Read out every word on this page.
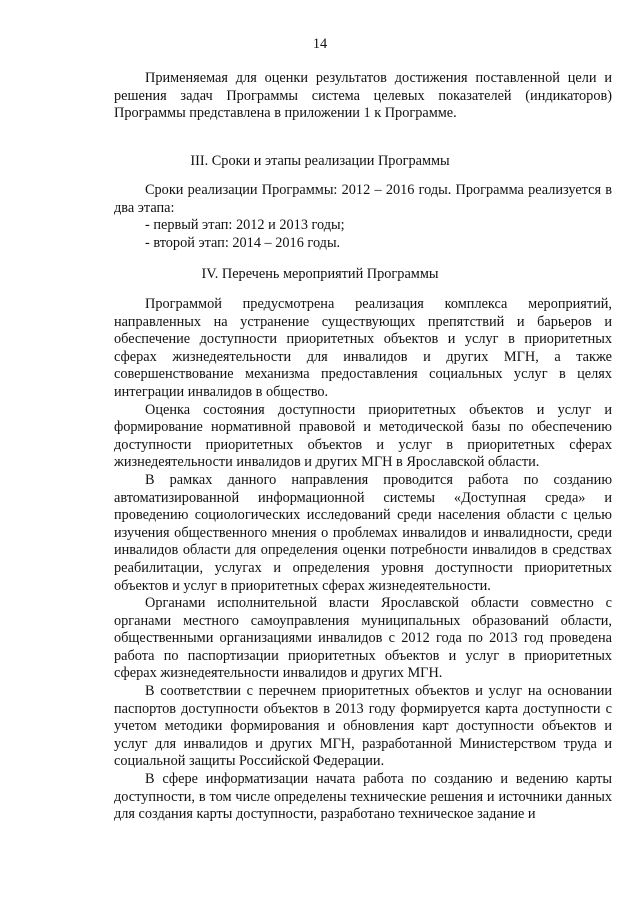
14

Применяемая для оценки результатов достижения поставленной цели и решения задач Программы система целевых показателей (индикаторов) Программы представлена в приложении 1 к Программе.

III. Сроки и этапы реализации Программы

Сроки реализации Программы: 2012 – 2016 годы. Программа реализуется в два этапа:

- первый этап: 2012 и 2013 годы;

- второй этап: 2014 – 2016 годы.

IV. Перечень мероприятий Программы

Программой предусмотрена реализация комплекса мероприятий, направленных на устранение существующих препятствий и барьеров и обеспечение доступности приоритетных объектов и услуг в приоритетных сферах жизнедеятельности для инвалидов и других МГН, а также совершенствование механизма предоставления социальных услуг в целях интеграции инвалидов в общество.

Оценка состояния доступности приоритетных объектов и услуг и формирование нормативной правовой и методической базы по обеспечению доступности приоритетных объектов и услуг в приоритетных сферах жизнедеятельности инвалидов и других МГН в Ярославской области.

В рамках данного направления проводится работа по созданию автоматизированной информационной системы «Доступная среда» и проведению социологических исследований среди населения области с целью изучения общественного мнения о проблемах инвалидов и инвалидности, среди инвалидов области для определения оценки потребности инвалидов в средствах реабилитации, услугах и определения уровня доступности приоритетных объектов и услуг в приоритетных сферах жизнедеятельности.

Органами исполнительной власти Ярославской области совместно с органами местного самоуправления муниципальных образований области, общественными организациями инвалидов с 2012 года по 2013 год проведена работа по паспортизации приоритетных объектов и услуг в приоритетных сферах жизнедеятельности инвалидов и других МГН.

В соответствии с перечнем приоритетных объектов и услуг на основании паспортов доступности объектов в 2013 году формируется карта доступности с учетом методики формирования и обновления карт доступности объектов и услуг для инвалидов и других МГН, разработанной Министерством труда и социальной защиты Российской Федерации.

В сфере информатизации начата работа по созданию и ведению карты доступности, в том числе определены технические решения и источники данных для создания карты доступности, разработано техническое задание и
